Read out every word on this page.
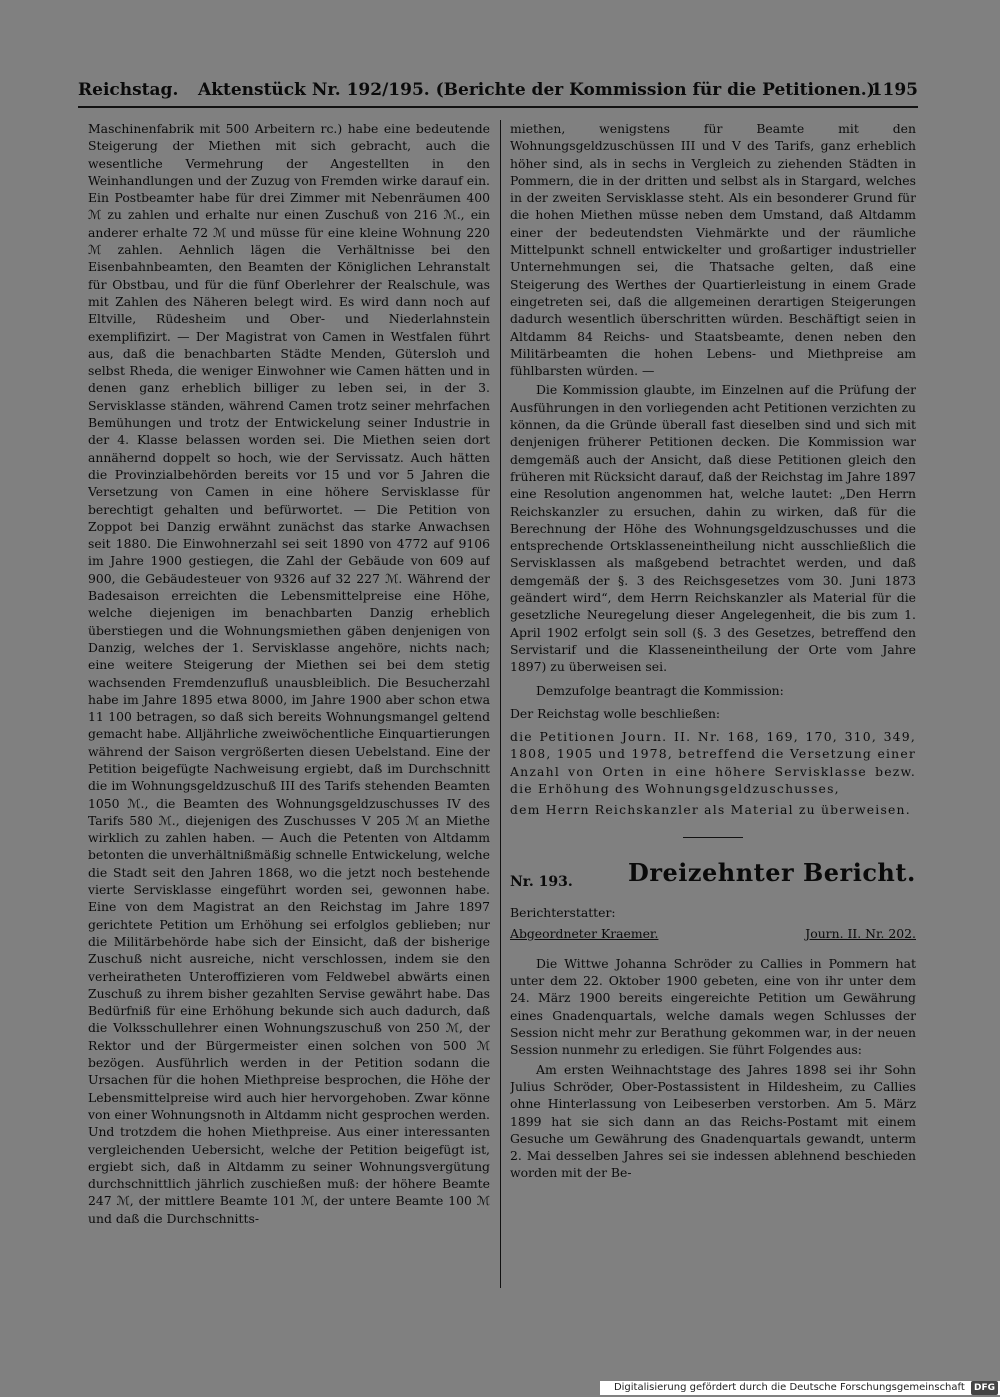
Reichstag. Aktenstück Nr. 192/195. (Berichte der Kommission für die Petitionen.)
1195

Maschinenfabrik mit 500 Arbeitern rc.) habe eine bedeutende Steigerung der Miethen mit sich gebracht, auch die wesentliche Vermehrung der Angestellten in den Weinhandlungen und der Zuzug von Fremden wirke darauf ein. Ein Postbeamter habe für drei Zimmer mit Nebenräumen 400 ℳ zu zahlen und erhalte nur einen Zuschuß von 216 ℳ., ein anderer erhalte 72 ℳ und müsse für eine kleine Wohnung 220 ℳ zahlen. Aehnlich lägen die Verhältnisse bei den Eisenbahnbeamten, den Beamten der Königlichen Lehranstalt für Obstbau, und für die fünf Oberlehrer der Realschule, was mit Zahlen des Näheren belegt wird. Es wird dann noch auf Eltville, Rüdesheim und Ober- und Niederlahnstein exemplifizirt. — Der Magistrat von Camen in Westfalen führt aus, daß die benachbarten Städte Menden, Gütersloh und selbst Rheda, die weniger Einwohner wie Camen hätten und in denen ganz erheblich billiger zu leben sei, in der 3. Servisklasse ständen, während Camen trotz seiner mehrfachen Bemühungen und trotz der Entwickelung seiner Industrie in der 4. Klasse belassen worden sei. Die Miethen seien dort annähernd doppelt so hoch, wie der Servissatz. Auch hätten die Provinzialbehörden bereits vor 15 und vor 5 Jahren die Versetzung von Camen in eine höhere Servisklasse für berechtigt gehalten und befürwortet. — Die Petition von Zoppot bei Danzig erwähnt zunächst das starke Anwachsen seit 1880. Die Einwohnerzahl sei seit 1890 von 4772 auf 9106 im Jahre 1900 gestiegen, die Zahl der Gebäude von 609 auf 900, die Gebäudesteuer von 9326 auf 32 227 ℳ. Während der Badesaison erreichten die Lebensmittelpreise eine Höhe, welche diejenigen im benachbarten Danzig erheblich überstiegen und die Wohnungsmiethen gäben denjenigen von Danzig, welches der 1. Servisklasse angehöre, nichts nach; eine weitere Steigerung der Miethen sei bei dem stetig wachsenden Fremdenzufluß unausbleiblich. Die Besucherzahl habe im Jahre 1895 etwa 8000, im Jahre 1900 aber schon etwa 11 100 betragen, so daß sich bereits Wohnungsmangel geltend gemacht habe. Alljährliche zweiwöchentliche Einquartierungen während der Saison vergrößerten diesen Uebelstand. Eine der Petition beigefügte Nachweisung ergiebt, daß im Durchschnitt die im Wohnungsgeldzuschuß III des Tarifs stehenden Beamten 1050 ℳ., die Beamten des Wohnungsgeldzuschusses IV des Tarifs 580 ℳ., diejenigen des Zuschusses V 205 ℳ an Miethe wirklich zu zahlen haben. — Auch die Petenten von Altdamm betonten die unverhältnißmäßig schnelle Entwickelung, welche die Stadt seit den Jahren 1868, wo die jetzt noch bestehende vierte Servisklasse eingeführt worden sei, gewonnen habe. Eine von dem Magistrat an den Reichstag im Jahre 1897 gerichtete Petition um Erhöhung sei erfolglos geblieben; nur die Militärbehörde habe sich der Einsicht, daß der bisherige Zuschuß nicht ausreiche, nicht verschlossen, indem sie den verheiratheten Unteroffizieren vom Feldwebel abwärts einen Zuschuß zu ihrem bisher gezahlten Servise gewährt habe. Das Bedürfniß für eine Erhöhung bekunde sich auch dadurch, daß die Volksschullehrer einen Wohnungszuschuß von 250 ℳ, der Rektor und der Bürgermeister einen solchen von 500 ℳ bezögen. Ausführlich werden in der Petition sodann die Ursachen für die hohen Miethpreise besprochen, die Höhe der Lebensmittelpreise wird auch hier hervorgehoben. Zwar könne von einer Wohnungsnoth in Altdamm nicht gesprochen werden. Und trotzdem die hohen Miethpreise. Aus einer interessanten vergleichenden Uebersicht, welche der Petition beigefügt ist, ergiebt sich, daß in Altdamm zu seiner Wohnungsvergütung durchschnittlich jährlich zuschießen muß: der höhere Beamte 247 ℳ, der mittlere Beamte 101 ℳ, der untere Beamte 100 ℳ und daß die Durchschnitts-

miethen, wenigstens für Beamte mit den Wohnungsgeldzuschüssen III und V des Tarifs, ganz erheblich höher sind, als in sechs in Vergleich zu ziehenden Städten in Pommern, die in der dritten und selbst als in Stargard, welches in der zweiten Servisklasse steht. Als ein besonderer Grund für die hohen Miethen müsse neben dem Umstand, daß Altdamm einer der bedeutendsten Viehmärkte und der räumliche Mittelpunkt schnell entwickelter und großartiger industrieller Unternehmungen sei, die Thatsache gelten, daß eine Steigerung des Werthes der Quartierleistung in einem Grade eingetreten sei, daß die allgemeinen derartigen Steigerungen dadurch wesentlich überschritten würden. Beschäftigt seien in Altdamm 84 Reichs- und Staatsbeamte, denen neben den Militärbeamten die hohen Lebens- und Miethpreise am fühlbarsten würden. —

Die Kommission glaubte, im Einzelnen auf die Prüfung der Ausführungen in den vorliegenden acht Petitionen verzichten zu können, da die Gründe überall fast dieselben sind und sich mit denjenigen früherer Petitionen decken. Die Kommission war demgemäß auch der Ansicht, daß diese Petitionen gleich den früheren mit Rücksicht darauf, daß der Reichstag im Jahre 1897 eine Resolution angenommen hat, welche lautet: „Den Herrn Reichskanzler zu ersuchen, dahin zu wirken, daß für die Berechnung der Höhe des Wohnungsgeldzuschusses und die entsprechende Ortsklasseneintheilung nicht ausschließlich die Servisklassen als maßgebend betrachtet werden, und daß demgemäß der §. 3 des Reichsgesetzes vom 30. Juni 1873 geändert wird“, dem Herrn Reichskanzler als Material für die gesetzliche Neuregelung dieser Angelegenheit, die bis zum 1. April 1902 erfolgt sein soll (§. 3 des Gesetzes, betreffend den Servistarif und die Klasseneintheilung der Orte vom Jahre 1897) zu überweisen sei.

Demzufolge beantragt die Kommission:

Der Reichstag wolle beschließen:

die Petitionen Journ. II. Nr. 168, 169, 170, 310, 349, 1808, 1905 und 1978, betreffend die Versetzung einer Anzahl von Orten in eine höhere Servisklasse bezw. die Erhöhung des Wohnungsgeldzuschusses,

dem Herrn Reichskanzler als Material zu überweisen.

Nr. 193. Dreizehnter Bericht.

Berichterstatter:

Abgeordneter Kraemer.	Journ. II. Nr. 202.

Die Wittwe Johanna Schröder zu Callies in Pommern hat unter dem 22. Oktober 1900 gebeten, eine von ihr unter dem 24. März 1900 bereits eingereichte Petition um Gewährung eines Gnadenquartals, welche damals wegen Schlusses der Session nicht mehr zur Berathung gekommen war, in der neuen Session nunmehr zu erledigen. Sie führt Folgendes aus:

Am ersten Weihnachtstage des Jahres 1898 sei ihr Sohn Julius Schröder, Ober-Postassistent in Hildesheim, zu Callies ohne Hinterlassung von Leibeserben verstorben. Am 5. März 1899 hat sie sich dann an das Reichs-Postamt mit einem Gesuche um Gewährung des Gnadenquartals gewandt, unterm 2. Mai desselben Jahres sei sie indessen ablehnend beschieden worden mit der Be-

Digitalisierung gefördert durch die Deutsche Forschungsgemeinschaft DFG
